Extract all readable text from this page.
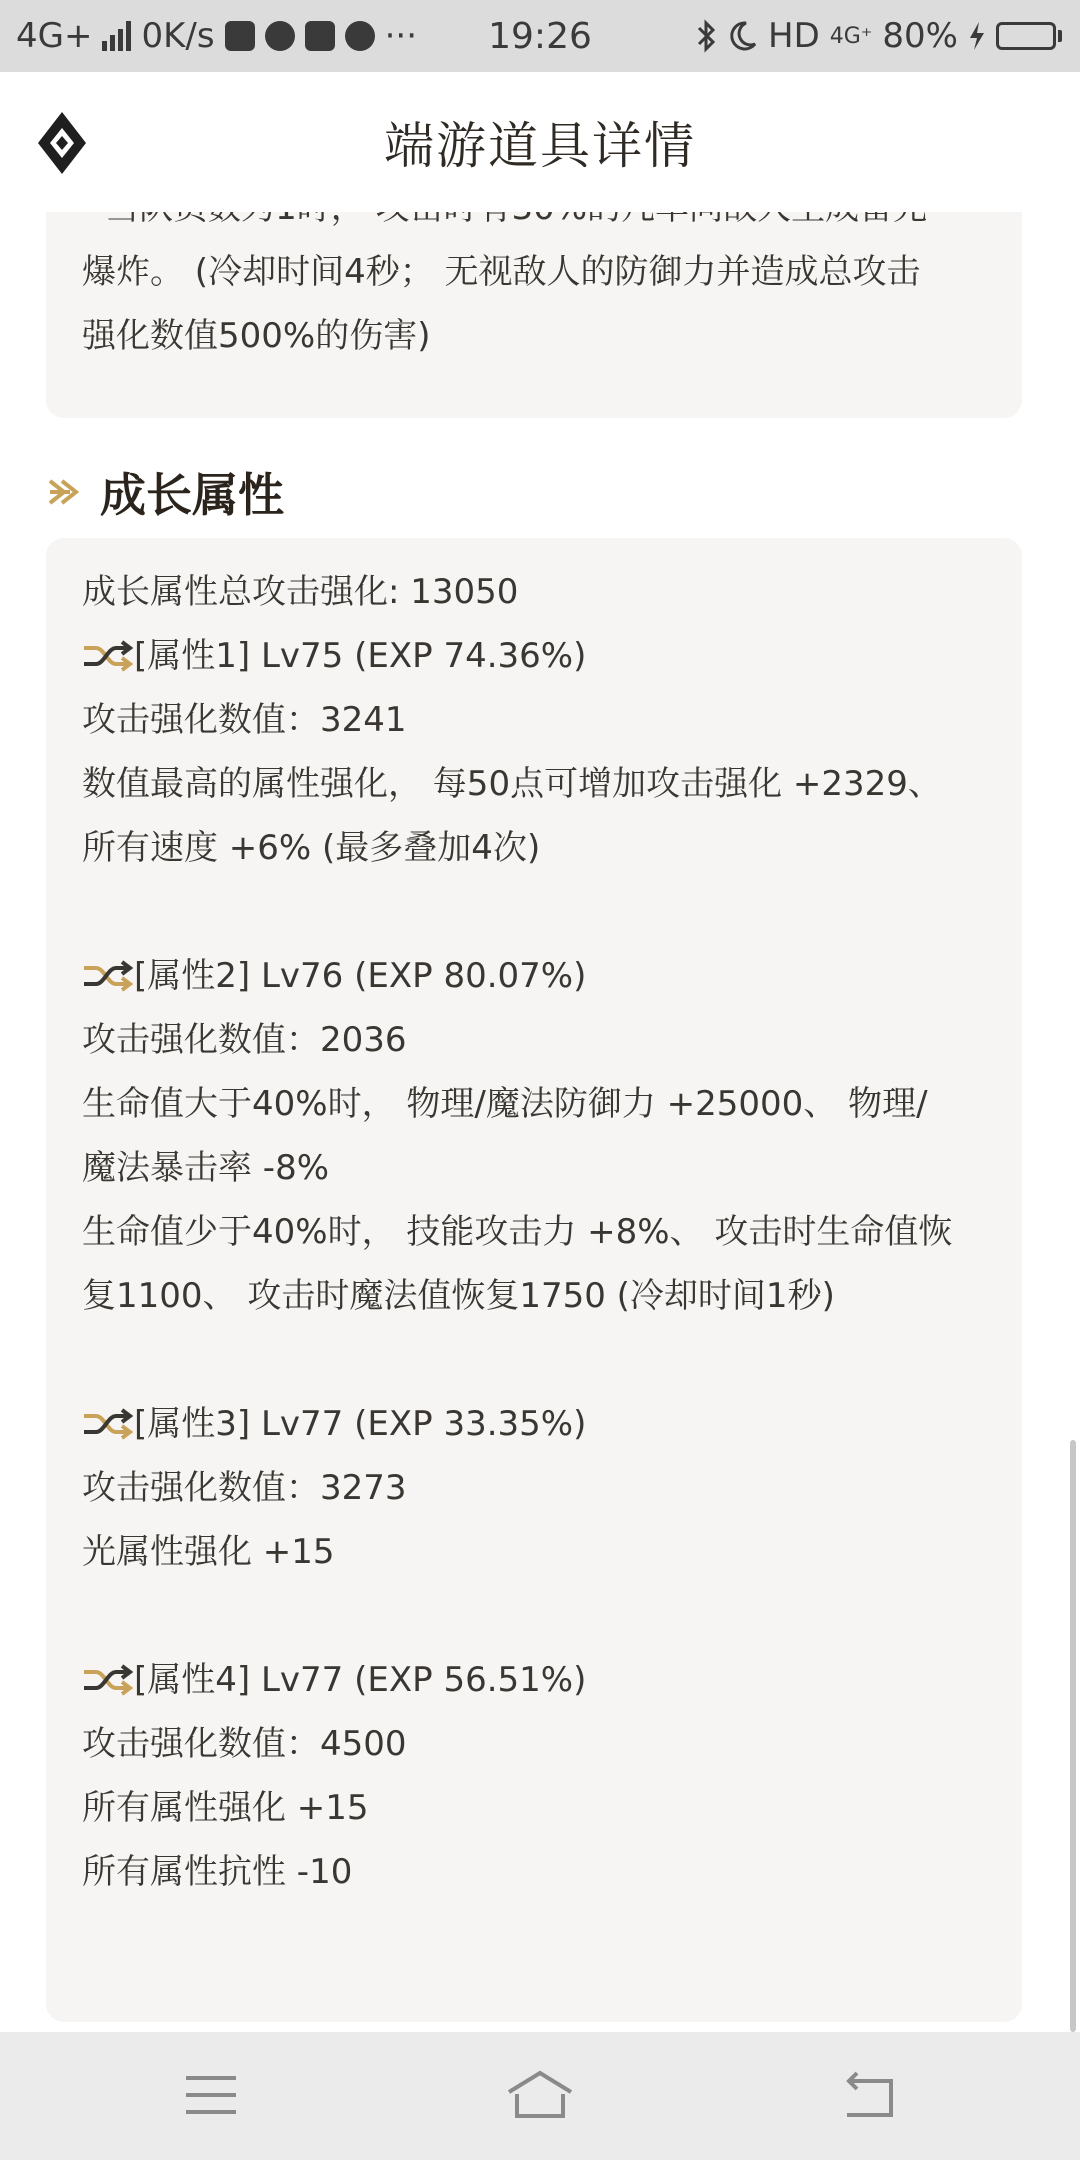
4G+ 0K/s	···	19:26	HD 4G⁺ 80%
端游道具详情
爆炸。 (冷却时间4秒； 无视敌人的防御力并造成总攻击
强化数值500%的伤害)
成长属性
成长属性总攻击强化: 13050
[属性1] Lv75 (EXP 74.36%)
攻击强化数值：3241
数值最高的属性强化， 每50点可增加攻击强化 +2329、
所有速度 +6% (最多叠加4次)
[属性2] Lv76 (EXP 80.07%)
攻击强化数值：2036
生命值大于40%时， 物理/魔法防御力 +25000、 物理/
魔法暴击率 -8%
生命值少于40%时， 技能攻击力 +8%、 攻击时生命值恢
复1100、 攻击时魔法值恢复1750 (冷却时间1秒)
[属性3] Lv77 (EXP 33.35%)
攻击强化数值：3273
光属性强化 +15
[属性4] Lv77 (EXP 56.51%)
攻击强化数值：4500
所有属性强化 +15
所有属性抗性 -10
